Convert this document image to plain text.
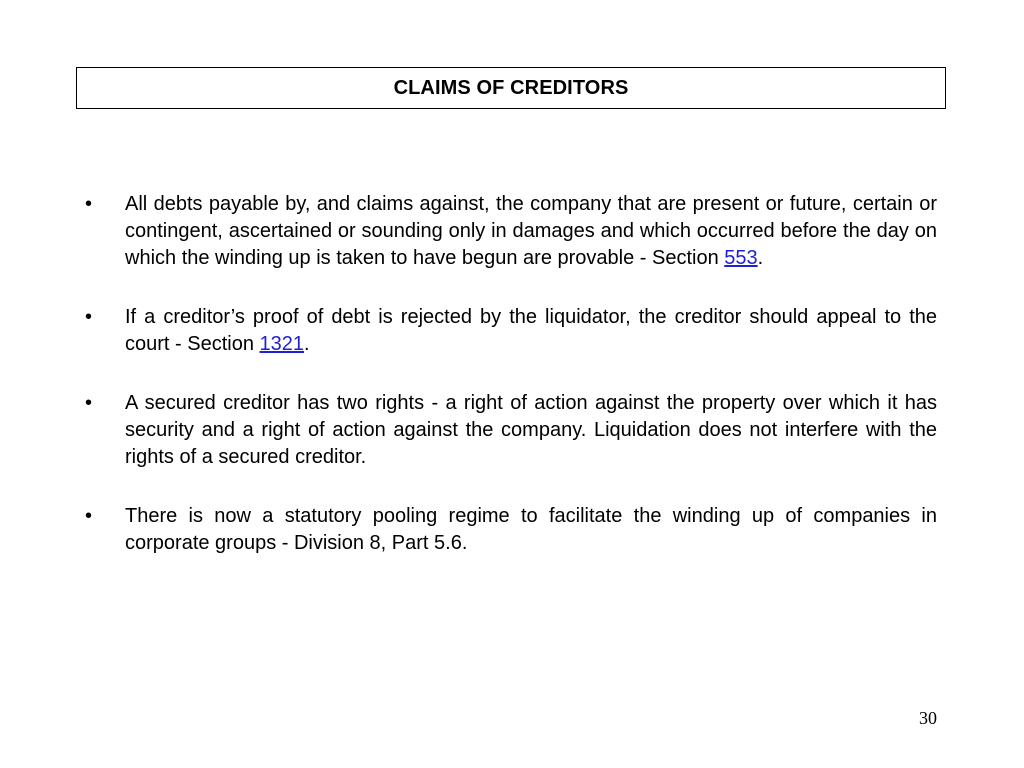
CLAIMS OF CREDITORS
•	All debts payable by, and claims against, the company that are present or future, certain or contingent, ascertained or sounding only in damages and which occurred before the day on which the winding up is taken to have begun are provable - Section 553.
•	If a creditor’s proof of debt is rejected by the liquidator, the creditor should appeal to the court - Section 1321.
•	A secured creditor has two rights - a right of action against the property over which it has security and a right of action against the company. Liquidation does not interfere with the rights of a secured creditor.
•	There is now a statutory pooling regime to facilitate the winding up of companies in corporate groups - Division 8, Part 5.6.
30
